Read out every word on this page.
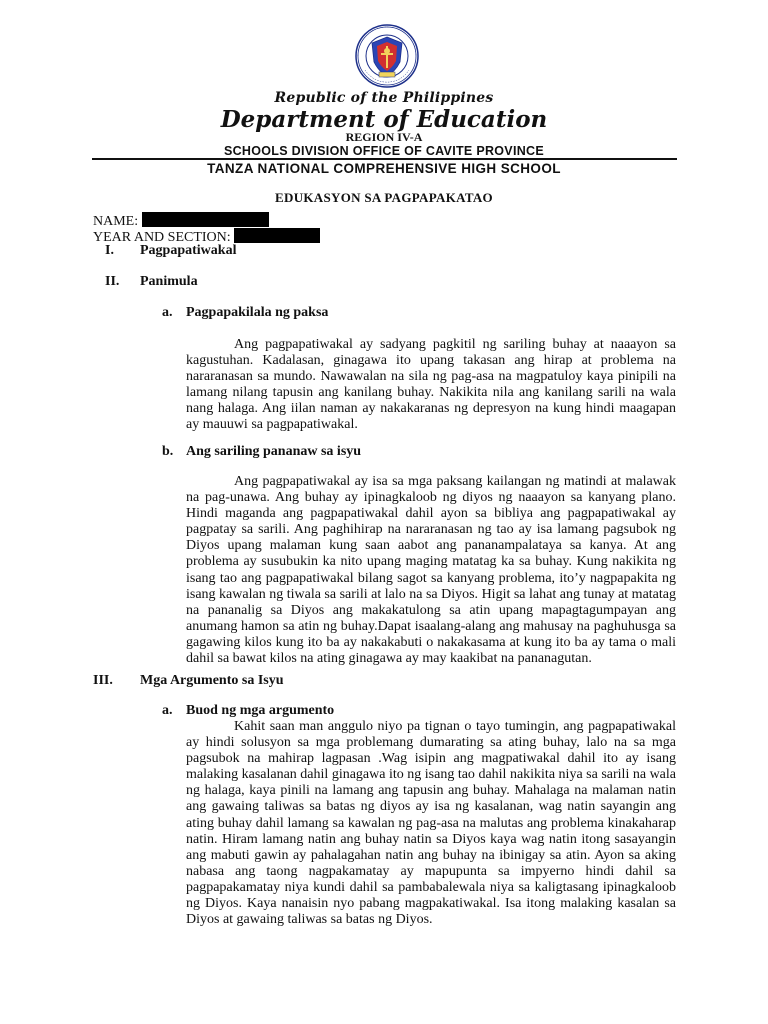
Republic of the Philippines
Department of Education
REGION IV-A
SCHOOLS DIVISION OFFICE OF CAVITE PROVINCE
TANZA NATIONAL COMPREHENSIVE HIGH SCHOOL
EDUKASYON SA PAGPAPAKATAO
NAME:
YEAR AND SECTION:
I. Pagpapatiwakal
II. Panimula
a. Pagpapakilala ng paksa

Ang pagpapatiwakal ay sadyang pagkitil ng sariling buhay at naaayon sa kagustuhan. Kadalasan, ginagawa ito upang takasan ang hirap at problema na nararanasan sa mundo. Nawawalan na sila ng pag-asa na magpatuloy kaya pinipili na lamang nilang tapusin ang kanilang buhay. Nakikita nila ang kanilang sarili na wala nang halaga. Ang iilan naman ay nakakaranas ng depresyon na kung hindi maagapan ay mauuwi sa pagpapatiwakal.

b. Ang sariling pananaw sa isyu

Ang pagpapatiwakal ay isa sa mga paksang kailangan ng matindi at malawak na pag-unawa. Ang buhay ay ipinagkaloob ng diyos ng naaayon sa kanyang plano. Hindi maganda ang pagpapatiwakal dahil ayon sa bibliya ang pagpapatiwakal ay pagpatay sa sarili. Ang paghihirap na nararanasan ng tao ay isa lamang pagsubok ng Diyos upang malaman kung saan aabot ang pananampalataya sa kanya. At ang problema ay susubukin ka nito upang maging matatag ka sa buhay. Kung nakikita ng isang tao ang pagpapatiwakal bilang sagot sa kanyang problema, ito’y nagpapakita ng isang kawalan ng tiwala sa sarili at lalo na sa Diyos. Higit sa lahat ang tunay at matatag na pananalig sa Diyos ang makakatulong sa atin upang mapagtagumpayan ang anumang hamon sa atin ng buhay.Dapat isaalang-alang ang mahusay na paghuhusga sa gagawing kilos kung ito ba ay nakakabuti o nakakasama at kung ito ba ay tama o mali dahil sa bawat kilos na ating ginagawa ay may kaakibat na pananagutan.

III. Mga Argumento sa Isyu
a. Buod ng mga argumento

Kahit saan man anggulo niyo pa tignan o tayo tumingin, ang pagpapatiwakal ay hindi solusyon sa mga problemang dumarating sa ating buhay, lalo na sa mga pagsubok na mahirap lagpasan .Wag isipin ang magpatiwakal dahil ito ay isang malaking kasalanan dahil ginagawa ito ng isang tao dahil nakikita niya sa sarili na wala ng halaga, kaya pinili na lamang ang tapusin ang buhay. Mahalaga na malaman natin ang gawaing taliwas sa batas ng diyos ay isa ng kasalanan, wag natin sayangin ang ating buhay dahil lamang sa kawalan ng pag-asa na malutas ang problema kinakaharap natin. Hiram lamang natin ang buhay natin sa Diyos kaya wag natin itong sasayangin ang mabuti gawin ay pahalagahan natin ang buhay na ibinigay sa atin. Ayon sa aking nabasa ang taong nagpakamatay ay mapupunta sa impyerno hindi dahil sa pagpapakamatay niya kundi dahil sa pambabalewala niya sa kaligtasang ipinagkaloob ng Diyos. Kaya nanaisin nyo pabang magpakatiwakal. Isa itong malaking kasalan sa Diyos at gawaing taliwas sa batas ng Diyos.
